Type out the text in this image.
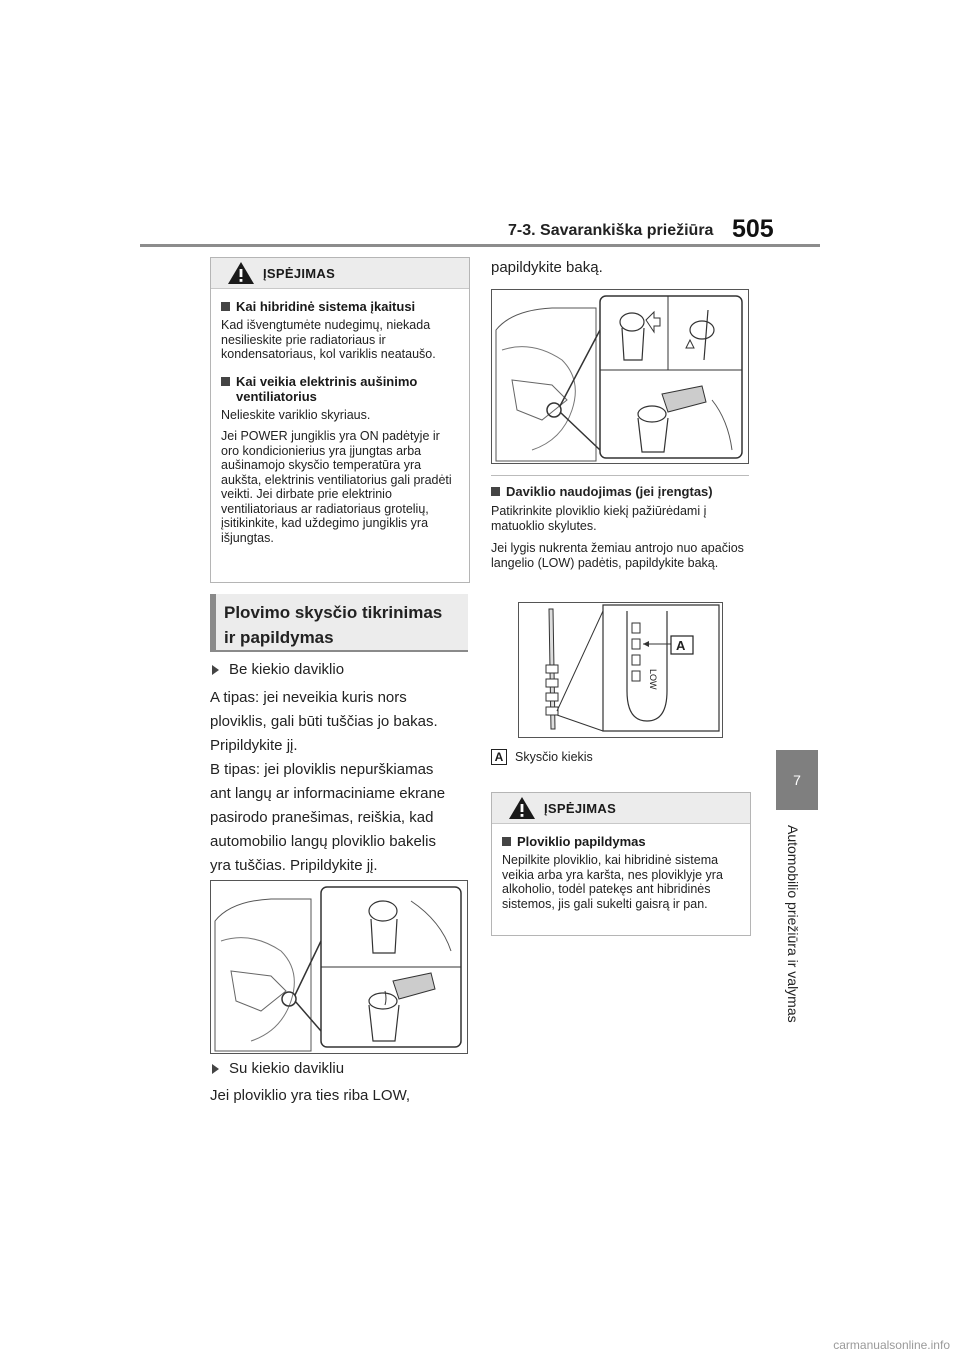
7-3. Savarankiška priežiūra 505
7
Automobilio priežiūra ir valymas
ĮSPĖJIMAS
Kai hibridinė sistema įkaitusi

Kad išvengtumėte nudegimų, niekada nesilieskite prie radiatoriaus ir kondensatoriaus, kol variklis neataušo.

Kai veikia elektrinis aušinimo ventiliatorius

Nelieskite variklio skyriaus.

Jei POWER jungiklis yra ON padėtyje ir oro kondicionierius yra įjungtas arba aušinamojo skysčio temperatūra yra aukšta, elektrinis ventiliatorius gali pradėti veikti. Jei dirbate prie elektrinio ventiliatoriaus ar radiatoriaus grotelių, įsitikinkite, kad uždegimo jungiklis yra išjungtas.

Plovimo skysčio tikrinimas
ir papildymas
Be kiekio daviklio
A tipas: jei neveikia kuris nors
ploviklis, gali būti tuščias jo bakas.
Pripildykite jį.
B tipas: jei ploviklis nepurškiamas
ant langų ar informaciniame ekrane
pasirodo pranešimas, reiškia, kad
automobilio langų ploviklio bakelis
yra tuščias. Pripildykite jį.
Su kiekio davikliu
Jei ploviklio yra ties riba LOW,
papildykite baką.
Daviklio naudojimas (jei įrengtas)
Patikrinkite ploviklio kiekį pažiūrėdami į matuoklio skylutes.
Jei lygis nukrenta žemiau antrojo nuo apačios langelio (LOW) padėtis, papildykite baką.
LOW
A
A Skysčio kiekis
ĮSPĖJIMAS
Ploviklio papildymas

Nepilkite ploviklio, kai hibridinė sistema veikia arba yra karšta, nes ploviklyje yra alkoholio, todėl patekęs ant hibridinės sistemos, jis gali sukelti gaisrą ir pan.

carmanualsonline.info
